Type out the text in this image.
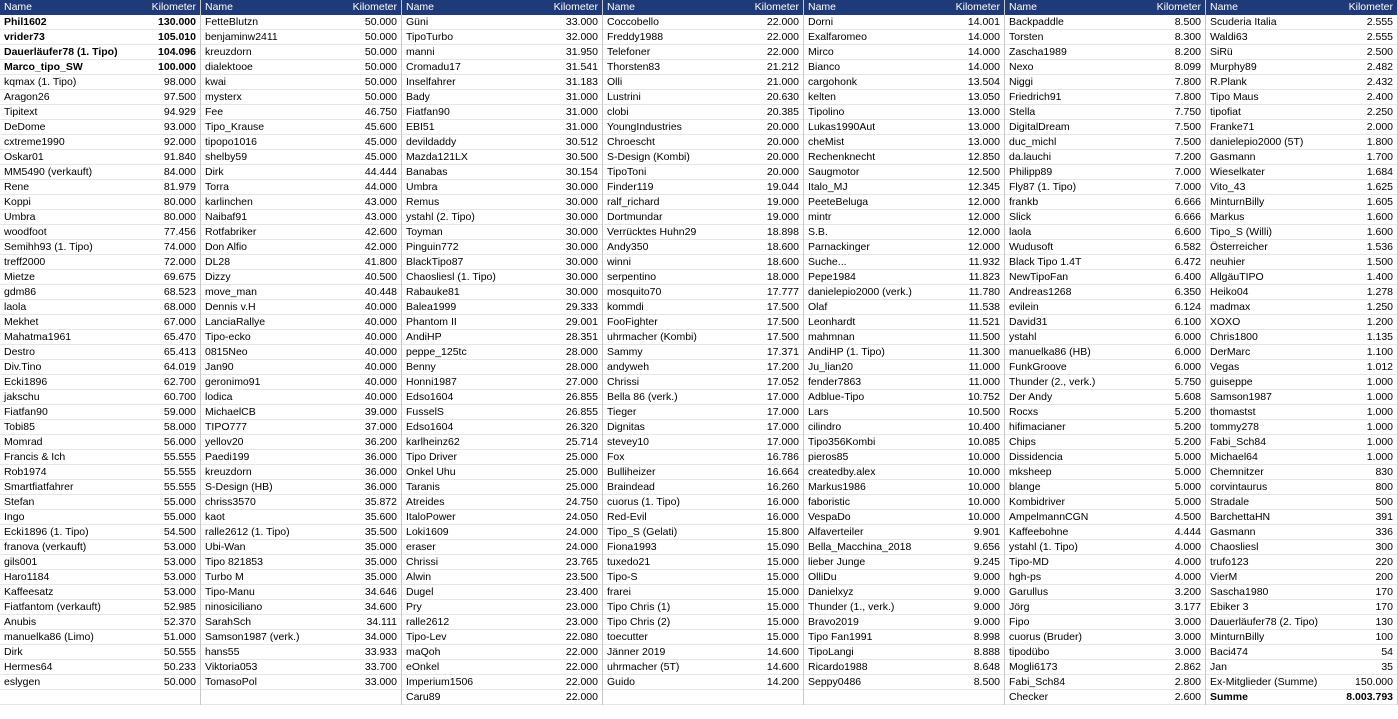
Name	Kilometer
Phil1602	130.000
vrider73	105.010
Dauerläufer78 (1. Tipo)	104.096
Marco_tipo_SW	100.000
kqmax (1. Tipo)	98.000
Aragon26	97.500
Tipitext	94.929
DeDome	93.000
cxtreme1990	92.000
Oskar01	91.840
MM5490 (verkauft)	84.000
Rene	81.979
Koppi	80.000
Umbra	80.000
woodfoot	77.456
Semihh93 (1. Tipo)	74.000
treff2000	72.000
Mietze	69.675
gdm86	68.523
laola	68.000
Mekhet	67.000
Mahatma1961	65.470
Destro	65.413
Div.Tino	64.019
Ecki1896	62.700
jakschu	60.700
Fiatfan90	59.000
Tobi85	58.000
Momrad	56.000
Francis & Ich	55.555
Rob1974	55.555
Smartfiatfahrer	55.555
Stefan	55.000
Ingo	55.000
Ecki1896 (1. Tipo)	54.500
franova (verkauft)	53.000
gils001	53.000
Haro1184	53.000
Kaffeesatz	53.000
Fiatfantom (verkauft)	52.985
Anubis	52.370
manuelka86 (Limo)	51.000
Dirk	50.555
Hermes64	50.233
eslygen	50.000
Name	Kilometer
FetteBlutzn	50.000
benjaminw2411	50.000
kreuzdorn	50.000
dialektooe	50.000
kwai	50.000
mysterx	50.000
Fee	46.750
Tipo_Krause	45.600
tipopo1016	45.000
shelby59	45.000
Dirk	44.444
Torra	44.000
karlinchen	43.000
Naibaf91	43.000
Rotfabriker	42.600
Don Alfio	42.000
DL28	41.800
Dizzy	40.500
move_man	40.448
Dennis v.H	40.000
LanciaRallye	40.000
Tipo-ecko	40.000
0815Neo	40.000
Jan90	40.000
geronimo91	40.000
lodica	40.000
MichaelCB	39.000
TIPO777	37.000
yellov20	36.200
Paedi199	36.000
kreuzdorn	36.000
S-Design (HB)	36.000
chriss3570	35.872
kaot	35.600
ralle2612 (1. Tipo)	35.500
Ubi-Wan	35.000
Tipo 821853	35.000
Turbo M	35.000
Tipo-Manu	34.646
ninosiciliano	34.600
SarahSch	34.111
Samson1987 (verk.)	34.000
hans55	33.933
Viktoria053	33.700
TomasoPol	33.000
Name	Kilometer
Güni	33.000
TipoTurbo	32.000
manni	31.950
Cromadu17	31.541
Inselfahrer	31.183
Bady	31.000
Fiatfan90	31.000
EBI51	31.000
devildaddy	30.512
Mazda121LX	30.500
Banabas	30.154
Umbra	30.000
Remus	30.000
ystahl (2. Tipo)	30.000
Toyman	30.000
Pinguin772	30.000
BlackTipo87	30.000
Chaosliesl (1. Tipo)	30.000
Rabauke81	30.000
Balea1999	29.333
Phantom II	29.001
AndiHP	28.351
peppe_125tc	28.000
Benny	28.000
Honni1987	27.000
Edso1604	26.855
FusselS	26.855
Edso1604	26.320
karlheinz62	25.714
Tipo Driver	25.000
Onkel Uhu	25.000
Taranis	25.000
Atreides	24.750
ItaloPower	24.050
Loki1609	24.000
eraser	24.000
Chrissi	23.765
Alwin	23.500
Dugel	23.400
Pry	23.000
ralle2612	23.000
Tipo-Lev	22.080
maQoh	22.000
eOnkel	22.000
Imperium1506	22.000
Caru89	22.000
Name	Kilometer
Coccobello	22.000
Freddy1988	22.000
Telefoner	22.000
Thorsten83	21.212
Olli	21.000
Lustrini	20.630
clobi	20.385
YoungIndustries	20.000
Chroescht	20.000
S-Design (Kombi)	20.000
TipoToni	20.000
Finder119	19.044
ralf_richard	19.000
Dortmundar	19.000
Verrücktes Huhn29	18.898
Andy350	18.600
winni	18.600
serpentino	18.000
mosquito70	17.777
kommdi	17.500
FooFighter	17.500
uhrmacher (Kombi)	17.500
Sammy	17.371
andyweh	17.200
Chrissi	17.052
Bella 86 (verk.)	17.000
Tieger	17.000
Dignitas	17.000
stevey10	17.000
Fox	16.786
Bulliheizer	16.664
Braindead	16.260
cuorus (1. Tipo)	16.000
Red-Evil	16.000
Tipo_S (Gelati)	15.800
Fiona1993	15.090
tuxedo21	15.000
Tipo-S	15.000
frarei	15.000
Tipo Chris (1)	15.000
Tipo Chris (2)	15.000
toecutter	15.000
Jänner 2019	14.600
uhrmacher (5T)	14.600
Guido	14.200
Name	Kilometer
Dorni	14.001
Exalfaromeo	14.000
Mirco	14.000
Bianco	14.000
cargohonk	13.504
kelten	13.050
Tipolino	13.000
Lukas1990Aut	13.000
cheMist	13.000
Rechenknecht	12.850
Saugmotor	12.500
Italo_MJ	12.345
PeeteBeluga	12.000
mintr	12.000
S.B.	12.000
Parnackinger	12.000
Suche...	11.932
Pepe1984	11.823
danielepio2000 (verk.)	11.780
Olaf	11.538
Leonhardt	11.521
mahmnan	11.500
AndiHP (1. Tipo)	11.300
Ju_lian20	11.000
fender7863	11.000
Adblue-Tipo	10.752
Lars	10.500
cilindro	10.400
Tipo356Kombi	10.085
pieros85	10.000
createdby.alex	10.000
Markus1986	10.000
faboristic	10.000
VespaDo	10.000
Alfaverteiler	9.901
Bella_Macchina_2018	9.656
lieber Junge	9.245
OlliDu	9.000
Danielxyz	9.000
Thunder (1., verk.)	9.000
Bravo2019	9.000
Tipo Fan1991	8.998
TipoLangi	8.888
Ricardo1988	8.648
Seppy0486	8.500
Name	Kilometer
Backpaddle	8.500
Torsten	8.300
Zascha1989	8.200
Nexo	8.099
Niggi	7.800
Friedrich91	7.800
Stella	7.750
DigitalDream	7.500
duc_michl	7.500
da.lauchi	7.200
Philipp89	7.000
Fly87 (1. Tipo)	7.000
frankb	6.666
Slick	6.666
laola	6.600
Wudusoft	6.582
Black Tipo 1.4T	6.472
NewTipoFan	6.400
Andreas1268	6.350
evilein	6.124
David31	6.100
ystahl	6.000
manuelka86 (HB)	6.000
FunkGroove	6.000
Thunder (2., verk.)	5.750
Der Andy	5.608
Rocxs	5.200
hifimacianer	5.200
Chips	5.200
Dissidencia	5.000
mksheep	5.000
blange	5.000
Kombidriver	5.000
AmpelmannCGN	4.500
Kaffeebohne	4.444
ystahl (1. Tipo)	4.000
Tipo-MD	4.000
hgh-ps	4.000
Garullus	3.200
Jörg	3.177
Fipo	3.000
cuorus (Bruder)	3.000
tipodübo	3.000
Mogli6173	2.862
Fabi_Sch84	2.800
Checker	2.600
Name	Kilometer
Scuderia Italia	2.555
Waldi63	2.555
SiRü	2.500
Murphy89	2.482
R.Plank	2.432
Tipo Maus	2.400
tipofiat	2.250
Franke71	2.000
danielepio2000 (5T)	1.800
Gasmann	1.700
Wieselkater	1.684
Vito_43	1.625
MinturnBilly	1.605
Markus	1.600
Tipo_S (Willi)	1.600
Österreicher	1.536
neuhier	1.500
AllgäuTIPO	1.400
Heiko04	1.278
madmax	1.250
XOXO	1.200
Chris1800	1.135
DerMarc	1.100
Vegas	1.012
guiseppe	1.000
Samson1987	1.000
thomastst	1.000
tommy278	1.000
Fabi_Sch84	1.000
Michael64	1.000
Chemnitzer	830
corvintaurus	800
Stradale	500
BarchettaHN	391
Gasmann	336
Chaosliesl	300
trufo123	220
VierM	200
Sascha1980	170
Ebiker 3	170
Dauerläufer78 (2. Tipo)	130
MinturnBilly	100
Baci474	54
Jan	35
Ex-Mitglieder (Summe)	150.000
Summe	8.003.793
